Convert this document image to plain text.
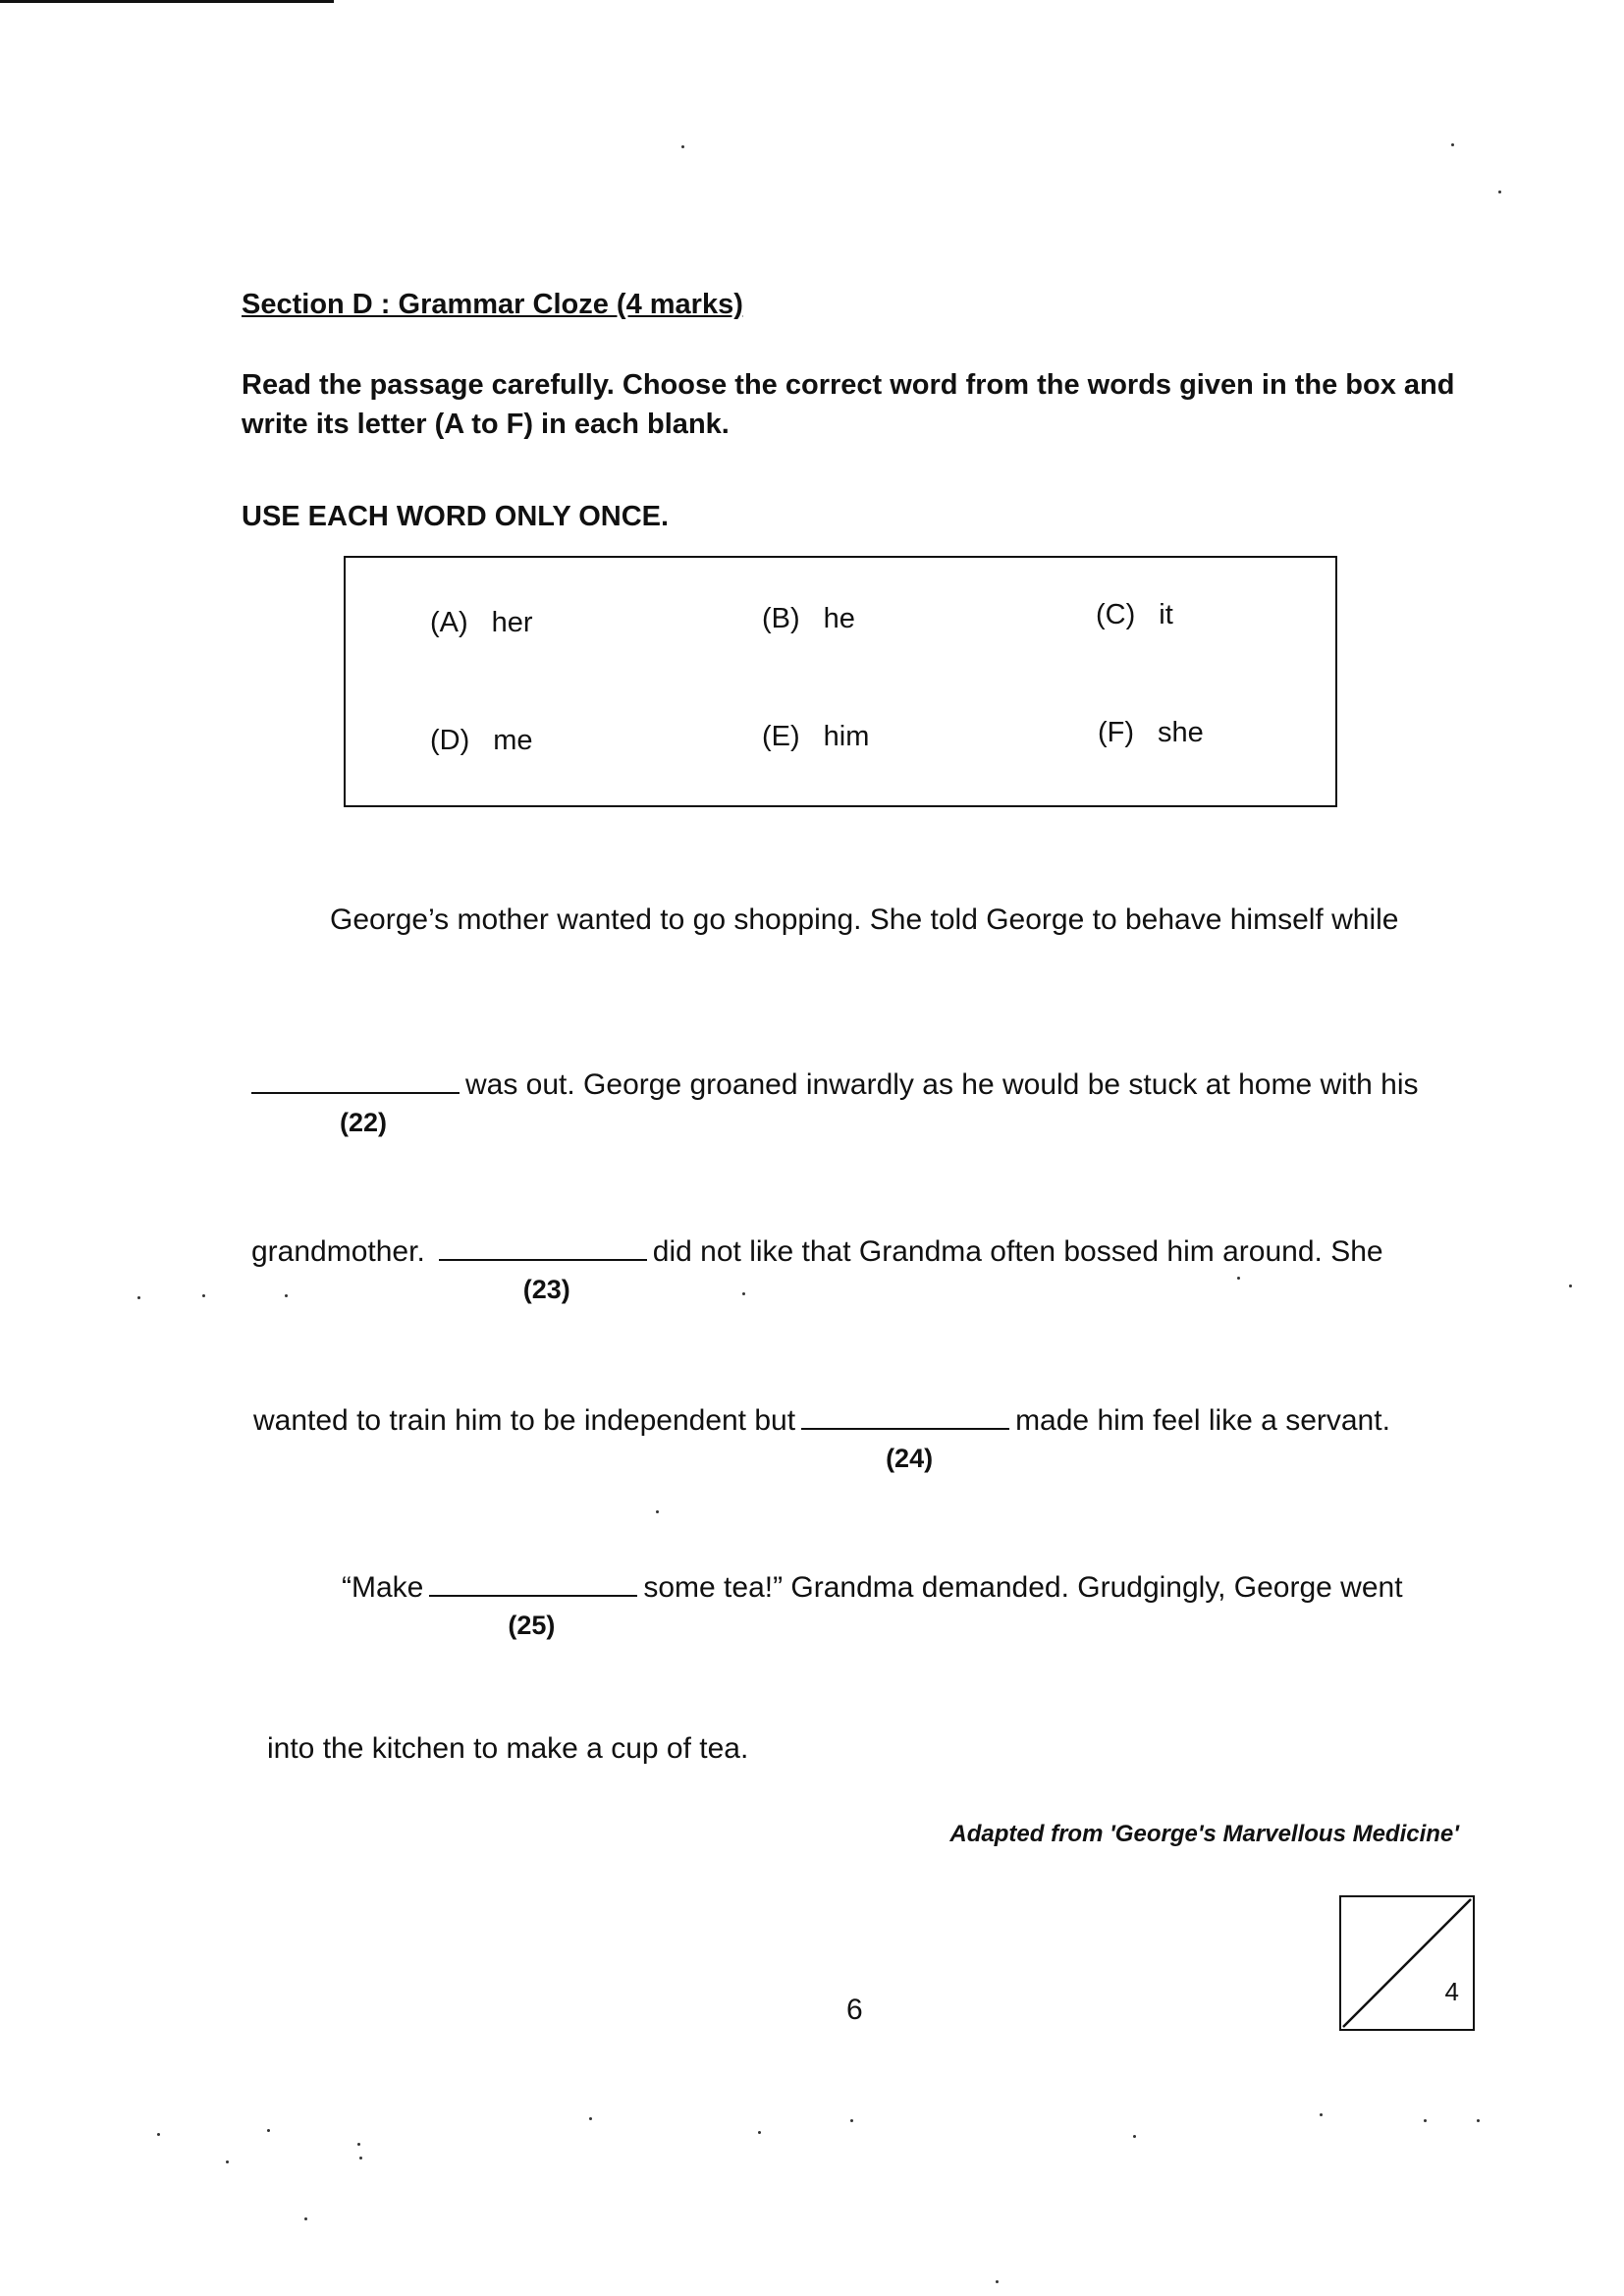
Section D : Grammar Cloze (4 marks)
Read the passage carefully. Choose the correct word from the words given in the box and write its letter (A to F) in each blank.
USE EACH WORD ONLY ONCE.
(A) her	(B) he	(C) it
(D) me	(E) him	(F) she
George’s mother wanted to go shopping. She told George to behave himself while
(22)
was out. George groaned inwardly as he would be stuck at home with his
grandmother.
(23)
did not like that Grandma often bossed him around. She
wanted to train him to be independent but
(24)
made him feel like a servant.
“Make
(25)
some tea!” Grandma demanded. Grudgingly, George went
into the kitchen to make a cup of tea.
Adapted from 'George's Marvellous Medicine'
6
4
